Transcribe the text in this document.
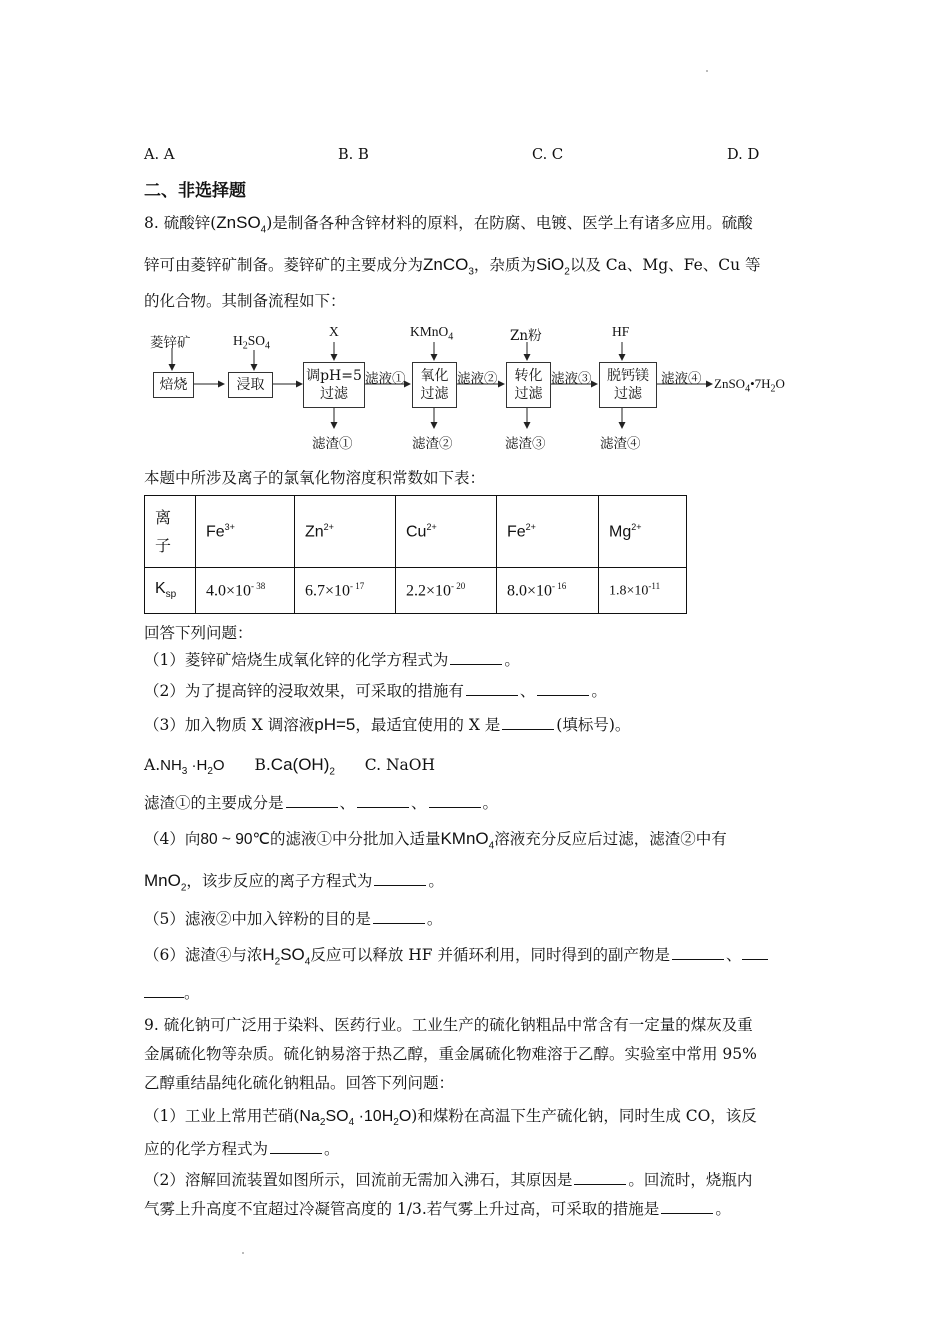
A. A	B. B	C. C	D. D
二、非选择题
8. 硫酸锌(ZnSO$_4$)是制备各种含锌材料的原料，在防腐、电镀、医学上有诸多应用。硫酸
锌可由菱锌矿制备。菱锌矿的主要成分为ZnCO$_3$，杂质为SiO$_2$以及 Ca、Mg、Fe、Cu 等
的化合物。其制备流程如下：
菱锌矿	$H_2SO_4$
X	KMnO$_4$	Zn粉	HF
焙烧	浸取
调pH=5
过滤
氧化
过滤
转化
过滤
脱钙镁
过滤
滤液①	滤液②	滤液③	滤液④ $ZnSO_4•7H_2O$
滤渣①	滤渣②	滤渣③	滤渣④
本题中所涉及离子的氯氧化物溶度积常数如下表：
离
子	$Fe^{3+}$	$Zn^{2+}$	$Cu^{2+}$	$Fe^{2+}$	$Mg^{2+}$
$K_{sp}$	$4.0\times 10^{- 38}$	$6.7\times 10^{- 17}$	$2.2\times 10^{- 20}$	$8.0\times 10^{- 16}$	$1.8\times 10^{-11}$
回答下列问题：
（1）菱锌矿焙烧生成氧化锌的化学方程式为	。
（2）为了提高锌的浸取效果，可采取的措施有	、	。
（3）加入物质 X 调溶液pH=5，最适宜使用的 X 是	(填标号)。
$A.NH_3 \cdot H_2O$ $B.Ca(OH)_2$ C. NaOH
滤渣①的主要成分是	、	、	。
（4）向80 ~ 90℃的滤液①中分批加入适量KMnO$_4$溶液充分反应后过滤，滤渣②中有
MnO$_2$，该步反应的离子方程式为	。
（5）滤液②中加入锌粉的目的是	。
（6）滤渣④与浓$H_2SO_4$反应可以释放 HF 并循环利用，同时得到的副产物是	、
。
9. 硫化钠可广泛用于染料、医药行业。工业生产的硫化钠粗品中常含有一定量的煤灰及重
金属硫化物等杂质。硫化钠易溶于热乙醇，重金属硫化物难溶于乙醇。实验室中常用 95%
乙醇重结晶纯化硫化钠粗品。回答下列问题：
（1）工业上常用芒硝$(Na_2SO_4 \cdot 10H_2O)$和煤粉在高温下生产硫化钠，同时生成 CO，该反
应的化学方程式为	。
（2）溶解回流装置如图所示，回流前无需加入沸石，其原因是	。回流时，烧瓶内
气雾上升高度不宜超过冷凝管高度的 1/3.若气雾上升过高，可采取的措施是	。
